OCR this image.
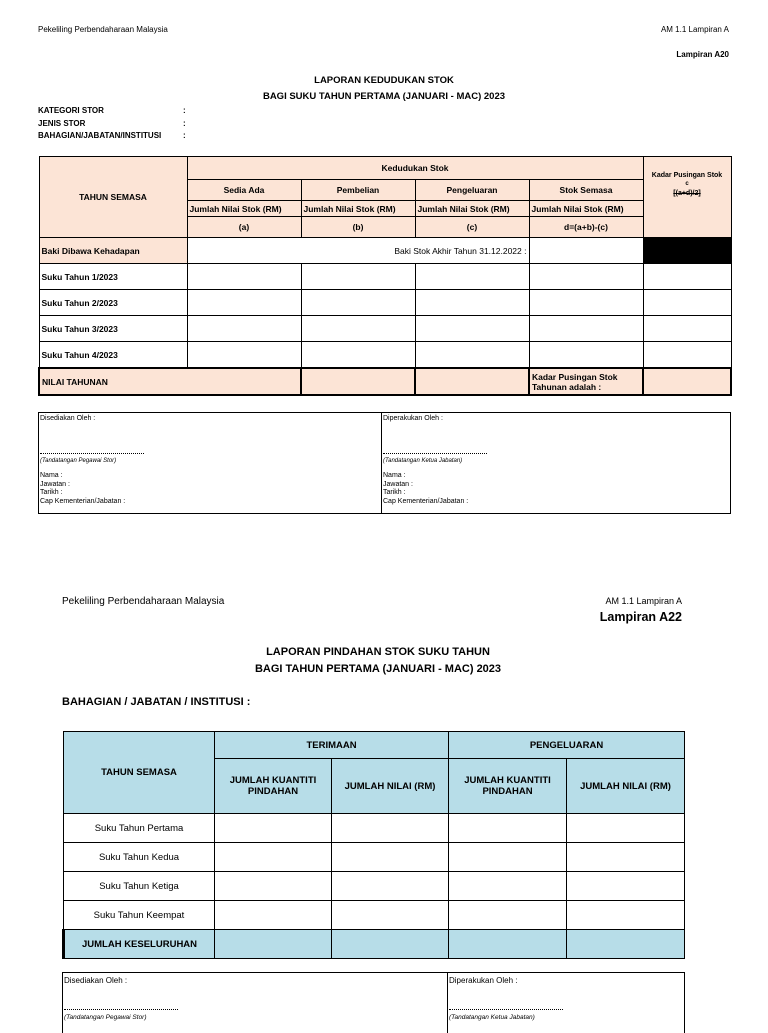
Pekeliling Perbendaharaan Malaysia	AM 1.1 Lampiran A
Lampiran A20
LAPORAN KEDUDUKAN STOK
BAGI SUKU TAHUN PERTAMA (JANUARI - MAC) 2023
KATEGORI STOR	:
JENIS STOR	:
BAHAGIAN/JABATAN/INSTITUSI	:
TAHUN SEMASA	Kedudukan Stok				Kadar Pusingan Stok
c
[(a+d)/2]

	Sedia Ada	Pembelian	Pengeluaran	Stok Semasa	
	Jumlah Nilai Stok (RM)	Jumlah Nilai Stok (RM)	Jumlah Nilai Stok (RM)	Jumlah Nilai Stok (RM)	
	(a)	(b)	(c)	d=(a+b)-(c)	
Baki Dibawa Kehadapan	Baki Stok Akhir Tahun 31.12.2022 :				
Suku Tahun 1/2023					
Suku Tahun 2/2023					
Suku Tahun 3/2023					
Suku Tahun 4/2023					
NILAI TAHUNAN				Kadar Pusingan Stok Tahunan adalah :	
Disediakan Oleh :
(Tandatangan Pegawai Stor)
Nama :
Jawatan :
Tarikh :
Cap Kementerian/Jabatan :
Diperakukan Oleh :
(Tandatangan Ketua Jabatan)
Nama :
Jawatan :
Tarikh :
Cap Kementerian/Jabatan :
Pekeliling Perbendaharaan Malaysia	AM 1.1 Lampiran A
Lampiran A22
LAPORAN PINDAHAN STOK SUKU TAHUN
BAGI TAHUN PERTAMA (JANUARI - MAC) 2023
BAHAGIAN / JABATAN / INSTITUSI :
TAHUN SEMASA	TERIMAAN		PENGELUARAN	
	JUMLAH KUANTITI PINDAHAN	JUMLAH NILAI (RM)	JUMLAH KUANTITI PINDAHAN	JUMLAH NILAI (RM)
Suku Tahun Pertama				
Suku Tahun Kedua				
Suku Tahun Ketiga				
Suku Tahun Keempat				
JUMLAH KESELURUHAN				
Disediakan Oleh :
(Tandatangan Pegawai Stor)
Diperakukan Oleh :
(Tandatangan Ketua Jabatan)
